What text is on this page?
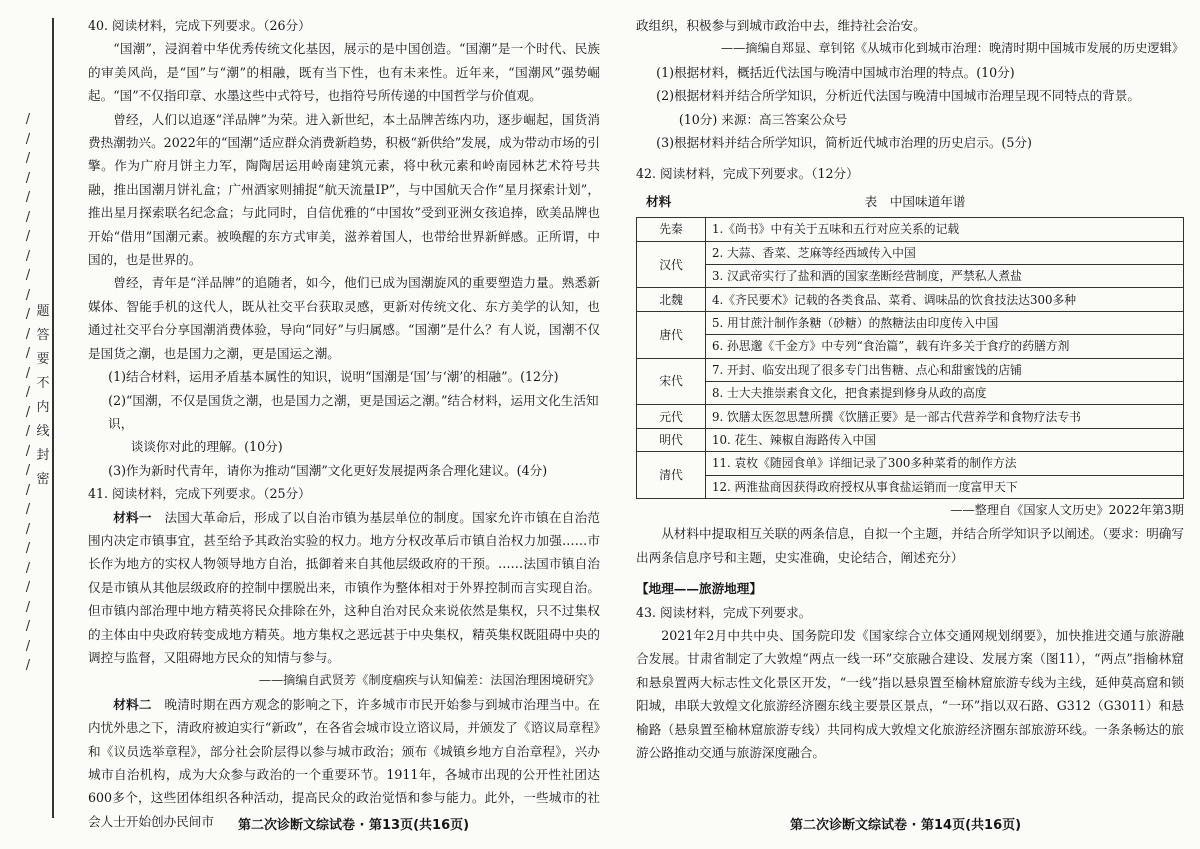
/
/
/
/
/
/
/
/
/
/
/
/
/
/
/
/
/
/
/
/
/
/
/
/
/
/
/
/
/
题
答
要
不
内
线
封
密

40. 阅读材料，完成下列要求。（26分）

“国潮”，浸润着中华优秀传统文化基因，展示的是中国创造。“国潮”是一个时代、民族的审美风尚，是“国”与“潮”的相融，既有当下性，也有未来性。近年来，“国潮风”强势崛起。“国”不仅指印章、水墨这些中式符号，也指符号所传递的中国哲学与价值观。

曾经，人们以追逐“洋品牌”为荣。进入新世纪，本土品牌苦练内功，逐步崛起，国货消费热潮勃兴。2022年的“国潮”适应群众消费新趋势，积极“新供给”发展，成为带动市场的引擎。作为广府月饼主力军，陶陶居运用岭南建筑元素，将中秋元素和岭南园林艺术符号共融，推出国潮月饼礼盒；广州酒家则捕捉“航天流量IP”，与中国航天合作“星月探索计划”，推出星月探索联名纪念盒；与此同时，自信优雅的“中国妆”受到亚洲女孩追捧，欧美品牌也开始“借用”国潮元素。被唤醒的东方式审美，滋养着国人，也带给世界新鲜感。正所谓，中国的，也是世界的。

曾经，青年是“洋品牌”的追随者，如今，他们已成为国潮旋风的重要塑造力量。熟悉新媒体、智能手机的这代人，既从社交平台获取灵感，更新对传统文化、东方美学的认知，也通过社交平台分享国潮消费体验，导向“同好”与归属感。“国潮”是什么？有人说，国潮不仅是国货之潮，也是国力之潮，更是国运之潮。

(1)结合材料，运用矛盾基本属性的知识，说明“国潮是‘国’与‘潮’的相融”。(12分)

(2)“国潮，不仅是国货之潮，也是国力之潮，更是国运之潮。”结合材料，运用文化生活知识，

谈谈你对此的理解。(10分)

(3)作为新时代青年，请你为推动“国潮”文化更好发展提两条合理化建议。(4分)

41. 阅读材料，完成下列要求。（25分）

材料一　 法国大革命后，形成了以自治市镇为基层单位的制度。国家允许市镇在自治范围内决定市镇事宜，甚至给予其政治实验的权力。地方分权改革后市镇自治权力加强……市长作为地方的实权人物领导地方自治，抵御着来自其他层级政府的干预。……法国市镇自治仅是市镇从其他层级政府的控制中摆脱出来，市镇作为整体相对于外界控制而言实现自治。但市镇内部治理中地方精英将民众排除在外，这种自治对民众来说依然是集权，只不过集权的主体由中央政府转变成地方精英。地方集权之恶远甚于中央集权，精英集权既阻碍中央的调控与监督，又阻碍地方民众的知情与参与。

——摘编自武贤芳《制度痼疾与认知偏差：法国治理困境研究》

材料二　 晚清时期在西方观念的影响之下，许多城市市民开始参与到城市治理当中。在内忧外患之下，清政府被迫实行“新政”，在各省会城市设立谘议局，并颁发了《谘议局章程》和《议员选举章程》，部分社会阶层得以参与城市政治；颁布《城镇乡地方自治章程》，兴办城市自治机构，成为大众参与政治的一个重要环节。1911年，各城市出现的公开性社团达600多个，这些团体组织各种活动，提高民众的政治觉悟和参与能力。此外，一些城市的社会人士开始创办民间市

政组织，积极参与到城市政治中去，维持社会治安。

——摘编自郑显、章钊铭《从城市化到城市治理：晚清时期中国城市发展的历史逻辑》

(1)根据材料，概括近代法国与晚清中国城市治理的特点。(10分)

(2)根据材料并结合所学知识，分析近代法国与晚清中国城市治理呈现不同特点的背景。

(10分) 来源：高三答案公众号

(3)根据材料并结合所学知识，简析近代城市治理的历史启示。(5分)

42. 阅读材料，完成下列要求。（12分）

材料	表　中国味道年谱
先秦	1.《尚书》中有关于五味和五行对应关系的记载
汉代	2. 大蒜、香菜、芝麻等经西域传入中国
	3. 汉武帝实行了盐和酒的国家垄断经营制度，严禁私人煮盐
北魏	4.《齐民要术》记载的各类食品、菜肴、调味品的饮食技法达300多种
唐代	5. 用甘蔗汁制作条糖（砂糖）的熬糖法由印度传入中国
	6. 孙思邈《千金方》中专列“食治篇”，载有许多关于食疗的药膳方剂
宋代	7. 开封、临安出现了很多专门出售糖、点心和甜蜜饯的店铺
	8. 士大夫推崇素食文化，把食素提到修身从政的高度
元代	9. 饮膳太医忽思慧所撰《饮膳正要》是一部古代营养学和食物疗法专书
明代	10. 花生、辣椒自海路传入中国
清代	11. 袁枚《随园食单》详细记录了300多种菜肴的制作方法
	12. 两淮盐商因获得政府授权从事食盐运销而一度富甲天下

——整理自《国家人文历史》2022年第3期

从材料中提取相互关联的两条信息，自拟一个主题，并结合所学知识予以阐述。（要求：明确写出两条信息序号和主题，史实准确，史论结合，阐述充分）

【地理——旅游地理】

43. 阅读材料，完成下列要求。

2021年2月中共中央、国务院印发《国家综合立体交通网规划纲要》，加快推进交通与旅游融合发展。甘肃省制定了大敦煌“两点一线一环”交旅融合建设、发展方案（图11），“两点”指榆林窟和悬泉置两大标志性文化景区开发，“一线”指以悬泉置至榆林窟旅游专线为主线，延伸莫高窟和锁阳城，串联大敦煌文化旅游经济圈东线主要景区景点，“一环”指以双石路、G312（G3011）和悬榆路（悬泉置至榆林窟旅游专线）共同构成大敦煌文化旅游经济圈东部旅游环线。一条条畅达的旅游公路推动交通与旅游深度融合。

第二次诊断文综试卷 · 第13页(共16页)	第二次诊断文综试卷 · 第14页(共16页)
